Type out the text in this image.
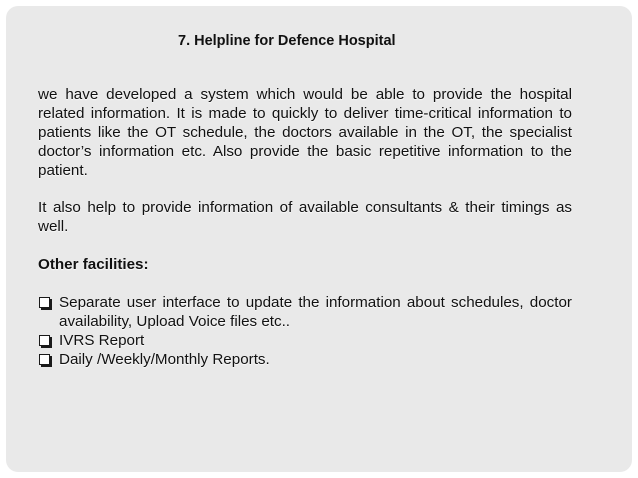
7. Helpline for Defence Hospital

we have developed a system which would be able to provide the hospital related information. It is made to quickly to deliver time-critical information to patients like the OT schedule, the doctors available in the OT, the specialist doctor’s information etc. Also provide the basic repetitive information to the patient.

It also help to provide information of available consultants & their timings as well.

Other facilities:

Separate user interface to update the information about schedules, doctor availability, Upload Voice files etc..
IVRS Report
Daily /Weekly/Monthly Reports.
